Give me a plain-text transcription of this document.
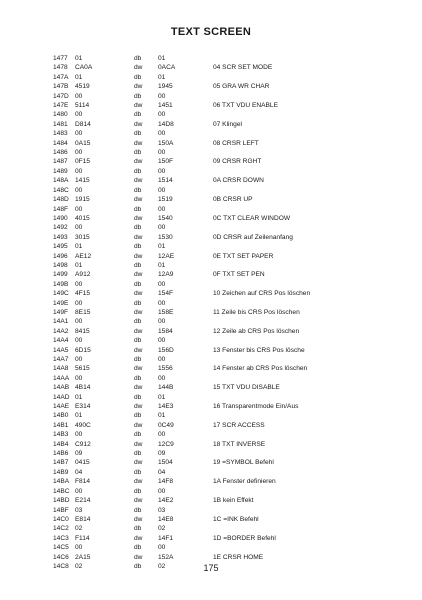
TEXT SCREEN
1477 01	db	01
1478 CA0A	dw 0ACA	04 SCR SET MODE
147A 01	db	01
147B 4519	dw 1945	05 GRA WR CHAR
147D 00	db	00
147E 5114	dw 1451	06 TXT VDU ENABLE
1480 00	db	00
1481 D814	dw 14D8	07 Klingel
1483 00	db	00
1484 0A15	dw 150A	08 CRSR LEFT
1486 00	db	00
1487 0F15	dw 150F	09 CRSR RGHT
1489 00	db	00
148A 1415	dw 1514	0A CRSR DOWN
148C 00	db	00
148D 1915	dw 1519	0B CRSR UP
148F 00	db	00
1490 4015	dw 1540	0C TXT CLEAR WINDOW
1492 00	db	00
1493 3015	dw 1530	0D CRSR auf Zeilenanfang
1495 01	db	01
1496 AE12	dw 12AE	0E TXT SET PAPER
1498 01	db	01
1499 A912	dw 12A9	0F TXT SET PEN
149B 00	db	00
149C 4F15	dw 154F	10 Zeichen auf CRS Pos löschen
149E 00	db	00
149F 8E15	dw 158E	11 Zeile bis CRS Pos löschen
14A1 00	db	00
14A2 8415	dw 1584	12 Zeile ab CRS Pos löschen
14A4 00	db	00
14A5 6D15	dw 156D	13 Fenster bis CRS Pos lösche
14A7 00	db	00
14A8 5615	dw 1556	14 Fenster ab CRS Pos löschen
14AA 00	db	00
14AB 4B14	dw 144B	15 TXT VDU DISABLE
14AD 01	db	01
14AE E314	dw 14E3	16 Transparentmode Ein/Aus
14B0 01	db	01
14B1 490C	dw 0C49	17 SCR ACCESS
14B3 00	db	00
14B4 C912	dw 12C9	18 TXT INVERSE
14B6 09	db	09
14B7 0415	dw 1504	19 =SYMBOL Befehl
14B9 04	db	04
14BA F814	dw 14F8	1A Fenster definieren
14BC 00	db	00
14BD E214	dw 14E2	1B kein Effekt
14BF 03	db	03
14C0 E814	dw 14E8	1C =INK Befehl
14C2 02	db	02
14C3 F114	dw 14F1	1D =BORDER Befehl
14C5 00	db	00
14C6 2A15	dw 152A	1E CRSR HOME
14C8 02	db	02	175
